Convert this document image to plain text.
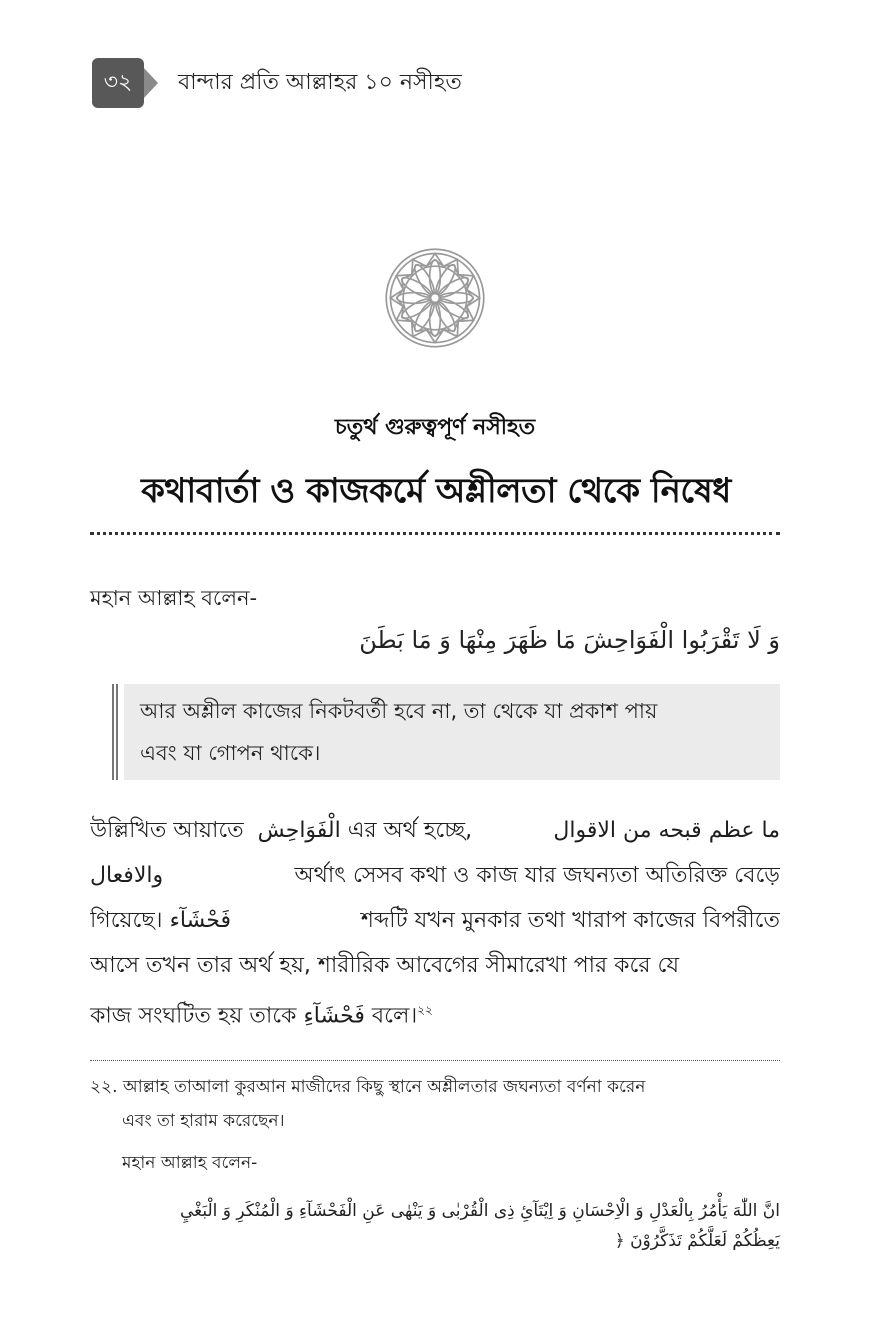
৩২ বান্দার প্রতি আল্লাহর ১০ নসীহত
চতুর্থ গুরুত্বপূর্ণ নসীহত
কথাবার্তা ও কাজকর্মে অশ্লীলতা থেকে নিষেধ
মহান আল্লাহ বলেন-
وَ لَا تَقْرَبُوا الْفَوَاحِشَ مَا ظَهَرَ مِنْهَا وَ مَا بَطَنَ
আর অশ্লীল কাজের নিকটবর্তী হবে না, তা থেকে যা প্রকাশ পায়
এবং যা গোপন থাকে।
উল্লিখিত আয়াতে الْفَوَاحِش এর অর্থ হচ্ছে,	ما عظم قبحه من الاقوال
والافعال	অর্থাৎ সেসব কথা ও কাজ যার জঘন্যতা অতিরিক্ত বেড়ে
গিয়েছে। فَحْشَآء	শব্দটি যখন মুনকার তথা খারাপ কাজের বিপরীতে
আসে তখন তার অর্থ হয়, শারীরিক আবেগের সীমারেখা পার করে যে
কাজ সংঘটিত হয় তাকে فَحْشَآءِ বলে।$^{২২}$
২২. আল্লাহ তাআলা কুরআন মাজীদের কিছু স্থানে অশ্লীলতার জঘন্যতা বর্ণনা করেন
এবং তা হারাম করেছেন।
মহান আল্লাহ বলেন-
انَّ اللّٰهَ يَأْمُرُ بِالْعَدْلِ وَ الْاِحْسَانِ وَ اِيْتَآئِ ذِى الْقُرْبٰى وَ يَنْهٰى عَنِ الْفَحْشَآءِ وَ الْمُنْكَرِ وَ الْبَغْيِ
يَعِظُكُمْ لَعَلَّكُمْ تَذَكَّرُوْنَ ﴿
